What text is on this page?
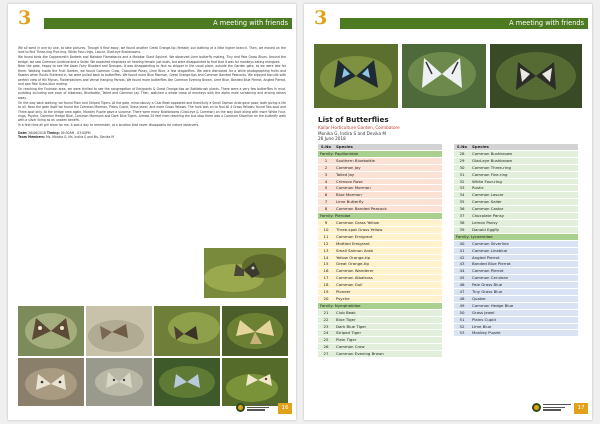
3	A meeting with friends

We all went in one by one, to take pictures. Though it flew away, we found another Great Orange-tip (female) sun bathing at a little higher branch. Then, we moved on the lane to find Three-ring Five-ring, White Four-rings, Lascar, Glad-eye Bushbrowns.

We found birds like Coppersmith Barbets and Malabar Flamebacks and a Malabar Giant Squirrel. We observed Lime butterfly mating, Tiny and Pale Grass Blues. Around the bridge, we saw Common Lineblue and a Sailer. We expected elephants on hearing female just buds, but were disappointed to find that it was for monkeys eating mangoes.

Near the gate, happy to see the Asian Fairy Bluebird and Drongos. It was disappointing to find no skipper in the usual place, outside the Garden gate, as we were late for them. Walking inside the Fruit Garden, we found Common Crow, Chocolate Pansy, Lime Blue, a few dragonflies. We were distracted for a while photographing fruits and flowers when Rustic fluttered in, we were pulled back to butterflies. We found more Blue Mormon, Great Orange-tips and Common Banded Peacocks. We enjoyed biscuits with perfect view of Hill Mynas, Flowerpeckers and Vernal Hanging Parrots. We found more butterflies like Common Evening Brown, Lime Blue, Banded Blue Pierrot, Angled Pierrot, and saw Pale Grass blue mating.

On reaching the Fountain area, we were thrilled to see the congregation of Emigrants & Great Orange-tips on Bottlebrush plants. There were a very few butterflies in mud-puddling including one each of Albatross, Bluebottle, Tailed and Common Jay. Then, watched a whole troop of monkeys with the alpha male screaming and driving others away.

On the way back walking, we found Plain and Striped Tigers. At the gate, miraculously a Club Beak appeared and thankfully a Small Salmon Arab gave pose, both giving a life to all. Near the gate itself we found the Common Mormon, Plains Cupid, Grass Jewel, and more Grass Yellows. The hunt was on to find all 4 Grass Yellows; found Two-spot and Three-spot only. At the bridge area again, Monkey Puzzle gave a surprise. There were many Bushbrowns (Glad-eye & Common) on the way back along with more White Four-rings, Psyche, Common Hedge Blue, Common Mormons and Dark Blue Tigers. Almost 20 feet from reaching the bus stop there was a Common Silverline on the butterfly walk with a silver lining as an unseen benefit.

In a first time all girl team for me, it was a day to remember, at a location that never disappoints for nature observers.

Date: 26/06/2018 Timing: 09:30AM - 03:00PM
Team Members: Ms. Monika G, Ms. Indira S and Ms. Devika M
16
3	A meeting with friends
List of Butterflies
Kallar Horticulture Garden, Coimbatore
Monika G, Indira S and Devika M
26 June 2018
S.No	Species
Family: Papilionidae
1	Southern Bluebottle
2	Common Jay
3	Tailed Jay
4	Crimson Rose
5	Common Mormon
6	Blue Mormon
7	Lime Butterfly
8	Common Banded Peacock
Family: Pieridae
9	Common Grass Yellow
10	Three-spot Grass Yellow
11	Common Emigrant
12	Mottled Emigrant
13	Small Salmon Arab
14	Yellow Orange-tip
15	Great Orange-tip
16	Common Wanderer
17	Common Albatross
18	Common Gull
19	Pioneer
20	Psyche
Family: Nymphalidae
21	Club Beak
22	Blue Tiger
23	Dark Blue Tiger
24	Striped Tiger
25	Plain Tiger
26	Common Crow
27	Common Evening Brown
S.No	Species
28	Common Bushbrown
29	Glad-eye Bushbrown
30	Common Three-ring
31	Common Five-ring
32	White Four-ring
33	Rustic
34	Common Lascar
35	Common Sailer
36	Common Castor
37	Chocolate Pansy
38	Lemon Pansy
39	Danaid Eggfly
Family: Lycaenidae
40	Common Silverline
41	Common Lineblue
42	Angled Pierrot
43	Banded Blue Pierrot
44	Common Pierrot
45	Common Cerulean
46	Pale Grass Blue
47	Tiny Grass Blue
48	Quaker
49	Common Hedge Blue
50	Grass Jewel
51	Plains Cupid
52	Lime Blue
53	Monkey Puzzle
17
